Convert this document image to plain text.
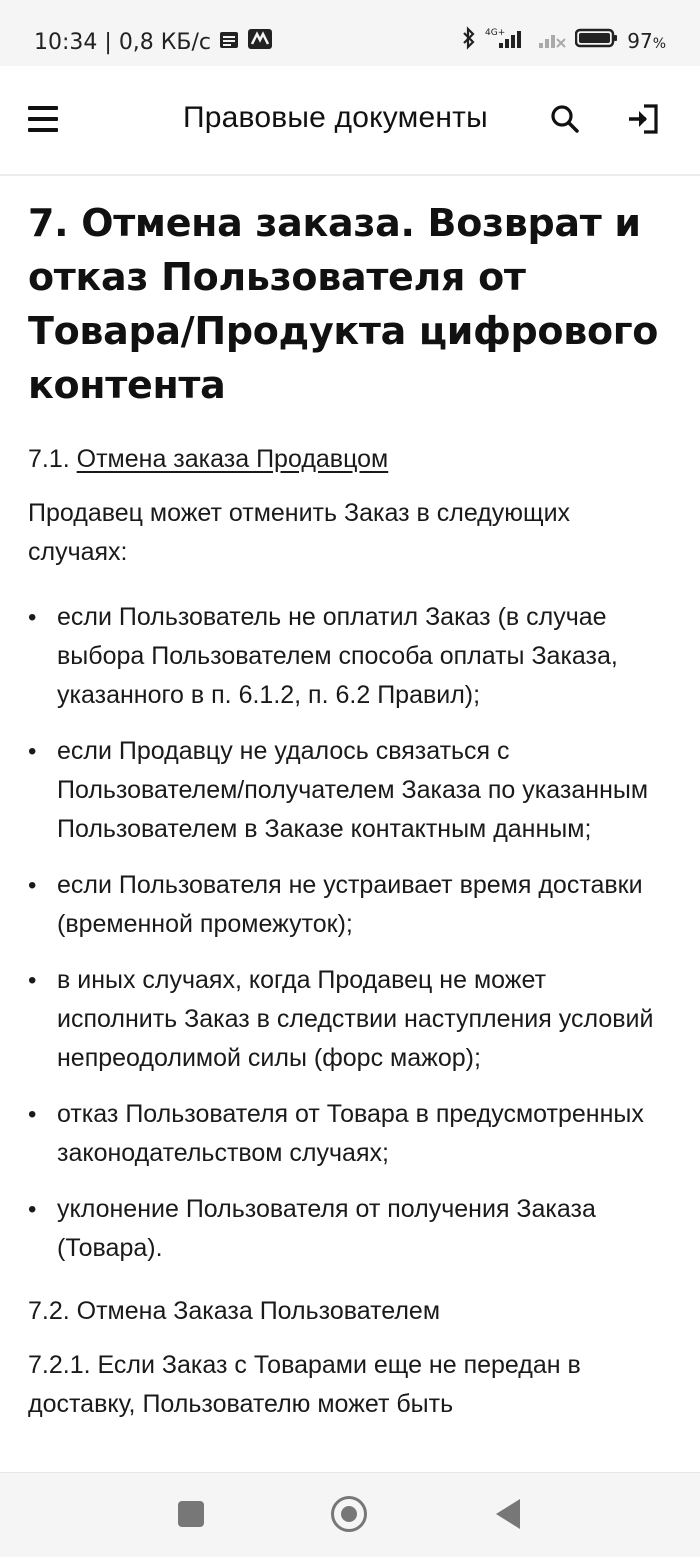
10:34 | 0,8 КБ/с	4G+	97%
Правовые документы
7. Отмена заказа. Возврат и отказ Пользователя от Товара/Продукта цифрового контента
7.1. Отмена заказа Продавцом
Продавец может отменить Заказ в следующих случаях:
• если Пользователь не оплатил Заказ (в случае выбора Пользователем способа оплаты Заказа, указанного в п. 6.1.2, п. 6.2 Правил);
• если Продавцу не удалось связаться с Пользователем/получателем Заказа по указанным Пользователем в Заказе контактным данным;
• если Пользователя не устраивает время доставки (временной промежуток);
• в иных случаях, когда Продавец не может исполнить Заказ в следствии наступления условий непреодолимой силы (форс мажор);
• отказ Пользователя от Товара в предусмотренных законодательством случаях;
• уклонение Пользователя от получения Заказа (Товара).
7.2. Отмена Заказа Пользователем
7.2.1. Если Заказ с Товарами еще не передан в доставку, Пользователю может быть
